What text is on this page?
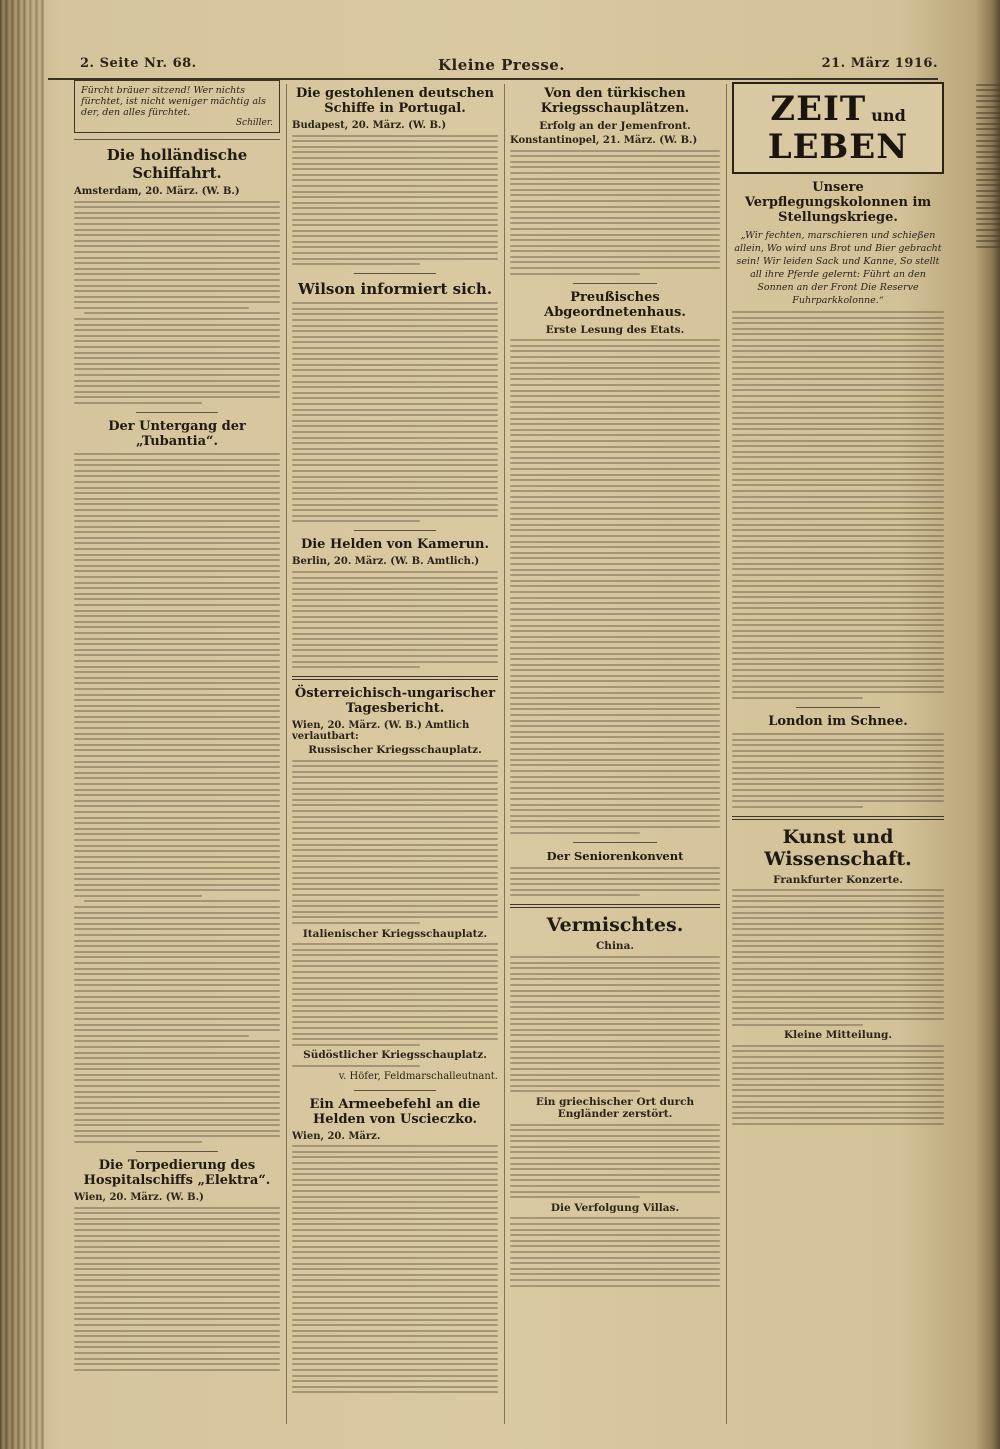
2. Seite Nr. 68.	Kleine Presse.	21. März 1916.
Fürcht bräuer sitzend! Wer nichts fürchtet, ist nicht weniger mächtig als der, den alles fürchtet.
Schiller.
Die holländische Schiffahrt.
Amsterdam, 20. März. (W. B.)
Der Untergang der „Tubantia“.
Die Torpedierung des Hospitalschiffs „Elektra“.
Wien, 20. März. (W. B.)
Die gestohlenen deutschen Schiffe in Portugal.
Budapest, 20. März. (W. B.)
Wilson informiert sich.
Die Helden von Kamerun.
Berlin, 20. März. (W. B. Amtlich.)
Österreichisch-ungarischer Tagesbericht.
Wien, 20. März. (W. B.) Amtlich verlautbart:
Russischer Kriegsschauplatz.
Italienischer Kriegsschauplatz.
Südöstlicher Kriegsschauplatz.
v. Höfer, Feldmarschalleutnant.
Ein Armeebefehl an die Helden von Uscieczko.
Wien, 20. März.
Von den türkischen Kriegsschauplätzen.
Erfolg an der Jemenfront.
Konstantinopel, 21. März. (W. B.)
Preußisches Abgeordnetenhaus.
Erste Lesung des Etats.
Der Seniorenkonvent
Vermischtes.
China.
Ein griechischer Ort durch Engländer zerstört.
Die Verfolgung Villas.
ZEIT und LEBEN
Unsere Verpflegungskolonnen im Stellungskriege.
„Wir fechten, marschieren und schießen allein, Wo wird uns Brot und Bier gebracht sein! Wir leiden Sack und Kanne, So stellt all ihre Pferde gelernt: Führt an den Sonnen an der Front Die Reserve Fuhrparkkolonne.“
London im Schnee.
Kunst und Wissenschaft.
Frankfurter Konzerte.
Kleine Mitteilung.
